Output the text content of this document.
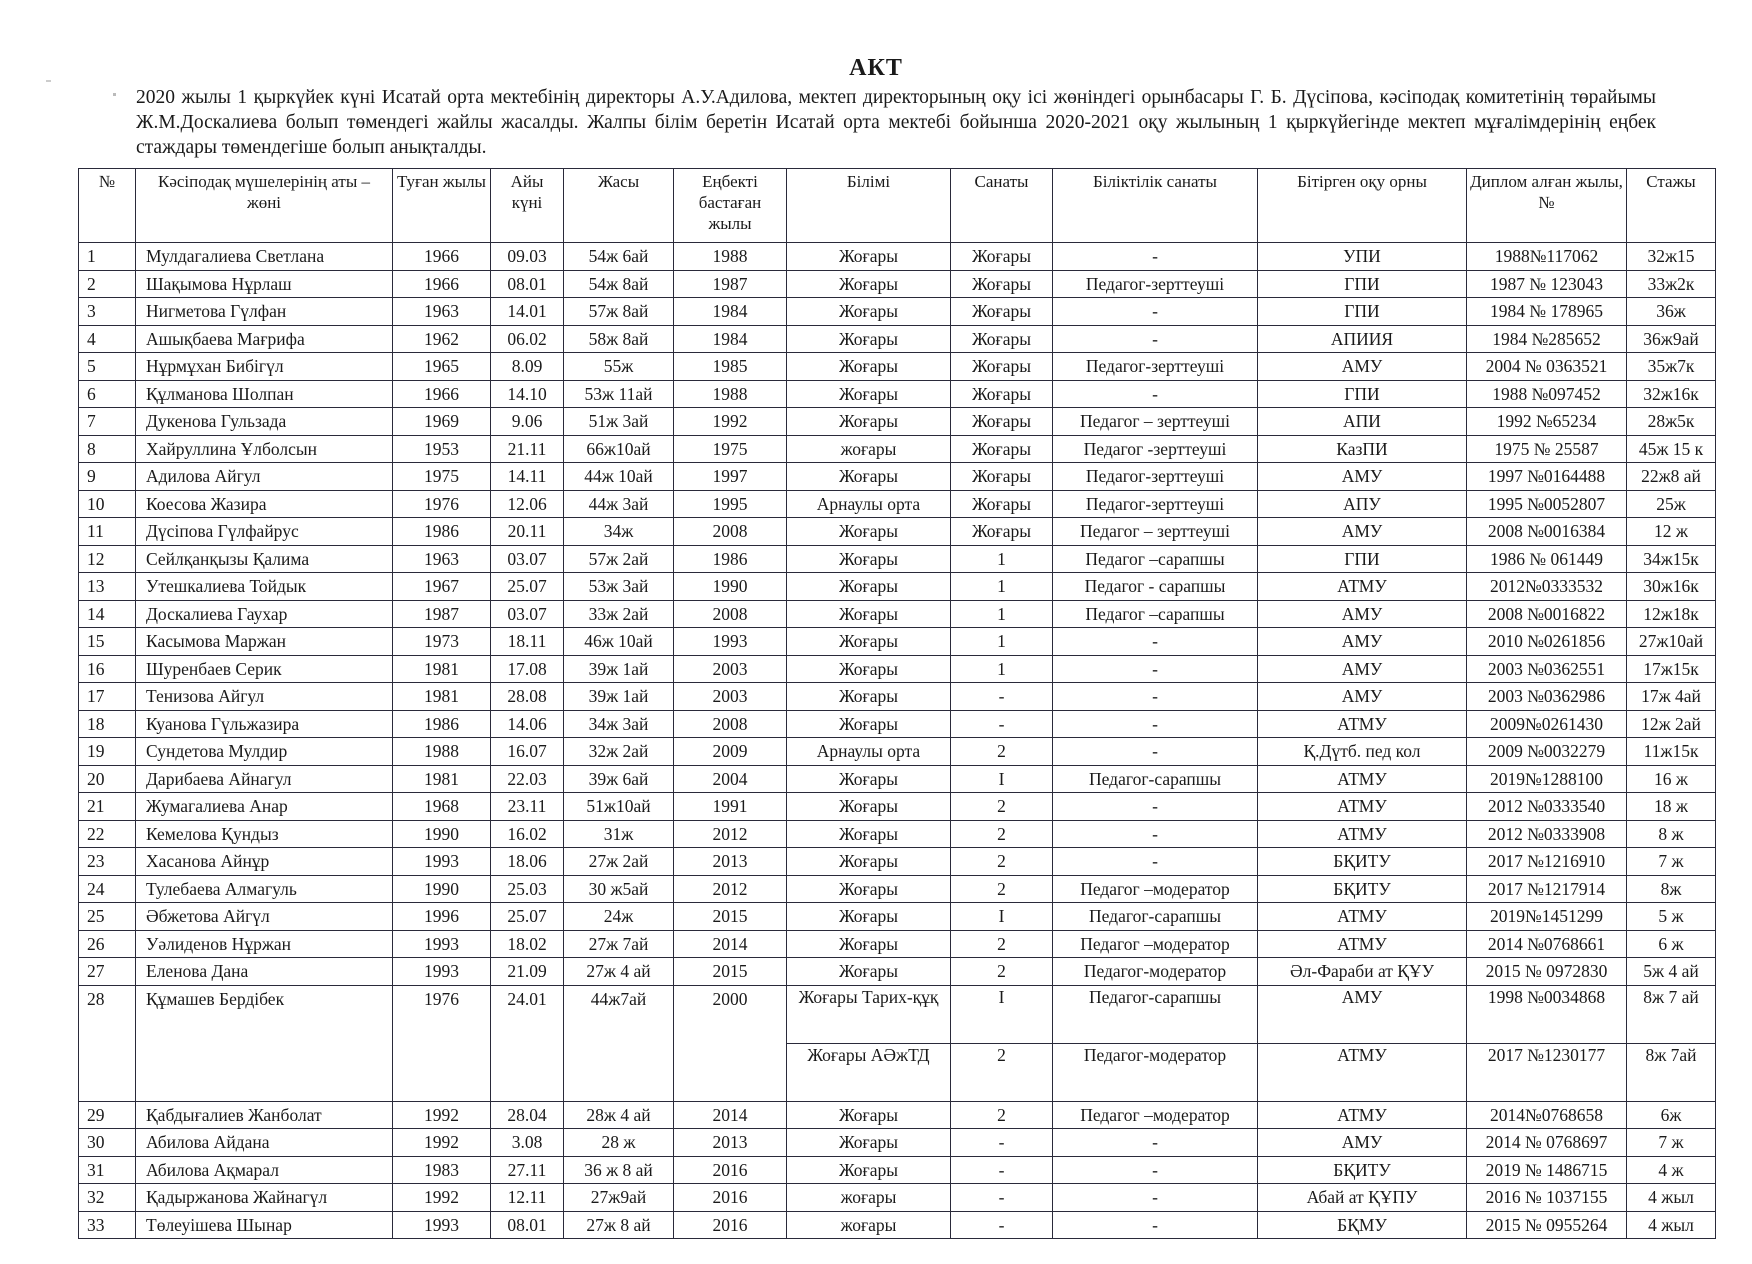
АКТ

2020 жылы 1 қыркүйек күні Исатай орта мектебінің директоры А.У.Адилова, мектеп директорының оқу ісі жөніндегі орынбасары Г. Б. Дүсіпова, кәсіподақ комитетінің төрайымы Ж.М.Доскалиева болып төмендегі жайлы жасалды. Жалпы білім беретін Исатай орта мектебі бойынша 2020-2021 оқу жылының 1 қыркүйегінде мектеп мұғалімдерінің еңбек стаждары төмендегіше болып анықталды.

№	Кәсіподақ мүшелерінің аты – жөні	Туған жылы	Айы күні	Жасы	Еңбекті бастаған жылы	Білімі	Санаты	Біліктілік санаты	Бітірген оқу орны	Диплом алған жылы, №	Стажы
1	Мулдагалиева Светлана	1966	09.03	54ж 6ай	1988	Жоғары	Жоғары	-	УПИ	1988№117062	32ж15
2	Шақымова Нұрлаш	1966	08.01	54ж 8ай	1987	Жоғары	Жоғары	Педагог-зерттеуші	ГПИ	1987 № 123043	33ж2к
3	Нигметова Гүлфан	1963	14.01	57ж 8ай	1984	Жоғары	Жоғары	-	ГПИ	1984 № 178965	36ж
4	Ашықбаева Мағрифа	1962	06.02	58ж 8ай	1984	Жоғары	Жоғары	-	АПИИЯ	1984 №285652	36ж9ай
5	Нұрмұхан Бибігүл	1965	8.09	55ж	1985	Жоғары	Жоғары	Педагог-зерттеуші	АМУ	2004 № 0363521	35ж7к
6	Құлманова Шолпан	1966	14.10	53ж 11ай	1988	Жоғары	Жоғары	-	ГПИ	1988 №097452	32ж16к
7	Дукенова Гульзада	1969	9.06	51ж 3ай	1992	Жоғары	Жоғары	Педагог – зерттеуші	АПИ	1992 №65234	28ж5к
8	Хайруллина Ұлболсын	1953	21.11	66ж10ай	1975	жоғары	Жоғары	Педагог -зерттеуші	КазПИ	1975 № 25587	45ж 15 к
9	Адилова Айгул	1975	14.11	44ж 10ай	1997	Жоғары	Жоғары	Педагог-зерттеуші	АМУ	1997 №0164488	22ж8 ай
10	Коесова Жазира	1976	12.06	44ж 3ай	1995	Арнаулы орта	Жоғары	Педагог-зерттеуші	АПУ	1995 №0052807	25ж
11	Дүсіпова Гүлфайрус	1986	20.11	34ж	2008	Жоғары	Жоғары	Педагог – зерттеуші	АМУ	2008 №0016384	12 ж
12	Сейлқанқызы Қалима	1963	03.07	57ж 2ай	1986	Жоғары	1	Педагог –сарапшы	ГПИ	1986 № 061449	34ж15к
13	Утешкалиева Тойдык	1967	25.07	53ж 3ай	1990	Жоғары	1	Педагог - сарапшы	АТМУ	2012№0333532	30ж16к
14	Доскалиева Гаухар	1987	03.07	33ж 2ай	2008	Жоғары	1	Педагог –сарапшы	АМУ	2008 №0016822	12ж18к
15	Касымова Маржан	1973	18.11	46ж 10ай	1993	Жоғары	1	-	АМУ	2010 №0261856	27ж10ай
16	Шуренбаев Серик	1981	17.08	39ж 1ай	2003	Жоғары	1	-	АМУ	2003 №0362551	17ж15к
17	Тенизова Айгул	1981	28.08	39ж 1ай	2003	Жоғары	-	-	АМУ	2003 №0362986	17ж 4ай
18	Куанова Гүльжазира	1986	14.06	34ж 3ай	2008	Жоғары	-	-	АТМУ	2009№0261430	12ж 2ай
19	Сундетова Мулдир	1988	16.07	32ж 2ай	2009	Арнаулы орта	2	-	Қ.Дүтб. пед кол	2009 №0032279	11ж15к
20	Дарибаева Айнагул	1981	22.03	39ж 6ай	2004	Жоғары	I	Педагог-сарапшы	АТМУ	2019№1288100	16 ж
21	Жумагалиева Анар	1968	23.11	51ж10ай	1991	Жоғары	2	-	АТМУ	2012 №0333540	18 ж
22	Кемелова Қундыз	1990	16.02	31ж	2012	Жоғары	2	-	АТМУ	2012 №0333908	8 ж
23	Хасанова Айнұр	1993	18.06	27ж 2ай	2013	Жоғары	2	-	БҚИТУ	2017 №1216910	7 ж
24	Тулебаева Алмагуль	1990	25.03	30 ж5ай	2012	Жоғары	2	Педагог –модератор	БҚИТУ	2017 №1217914	8ж
25	Әбжетова Айгүл	1996	25.07	24ж	2015	Жоғары	I	Педагог-сарапшы	АТМУ	2019№1451299	5 ж
26	Уәлиденов Нұржан	1993	18.02	27ж 7ай	2014	Жоғары	2	Педагог –модератор	АТМУ	2014 №0768661	6 ж
27	Еленова Дана	1993	21.09	27ж 4 ай	2015	Жоғары	2	Педагог-модератор	Әл-Фараби ат ҚҰУ	2015 № 0972830	5ж 4 ай
28	Құмашев Бердібек	1976	24.01	44ж7ай	2000	Жоғары Тарих-құқ	I	Педагог-сарапшы	АМУ	1998 №0034868	8ж 7 ай
						Жоғары АӘжТД	2	Педагог-модератор	АТМУ	2017 №1230177	8ж 7ай
29	Қабдығалиев Жанболат	1992	28.04	28ж 4 ай	2014	Жоғары	2	Педагог –модератор	АТМУ	2014№0768658	6ж
30	Абилова Айдана	1992	3.08	28 ж	2013	Жоғары	-	-	АМУ	2014 № 0768697	7 ж
31	Абилова Ақмарал	1983	27.11	36 ж 8 ай	2016	Жоғары	-	-	БҚИТУ	2019 № 1486715	4 ж
32	Қадыржанова Жайнагүл	1992	12.11	27ж9ай	2016	жоғары	-	-	Абай ат ҚҰПУ	2016 № 1037155	4 жыл
33	Төлеуішева Шынар	1993	08.01	27ж 8 ай	2016	жоғары	-	-	БҚМУ	2015 № 0955264	4 жыл
